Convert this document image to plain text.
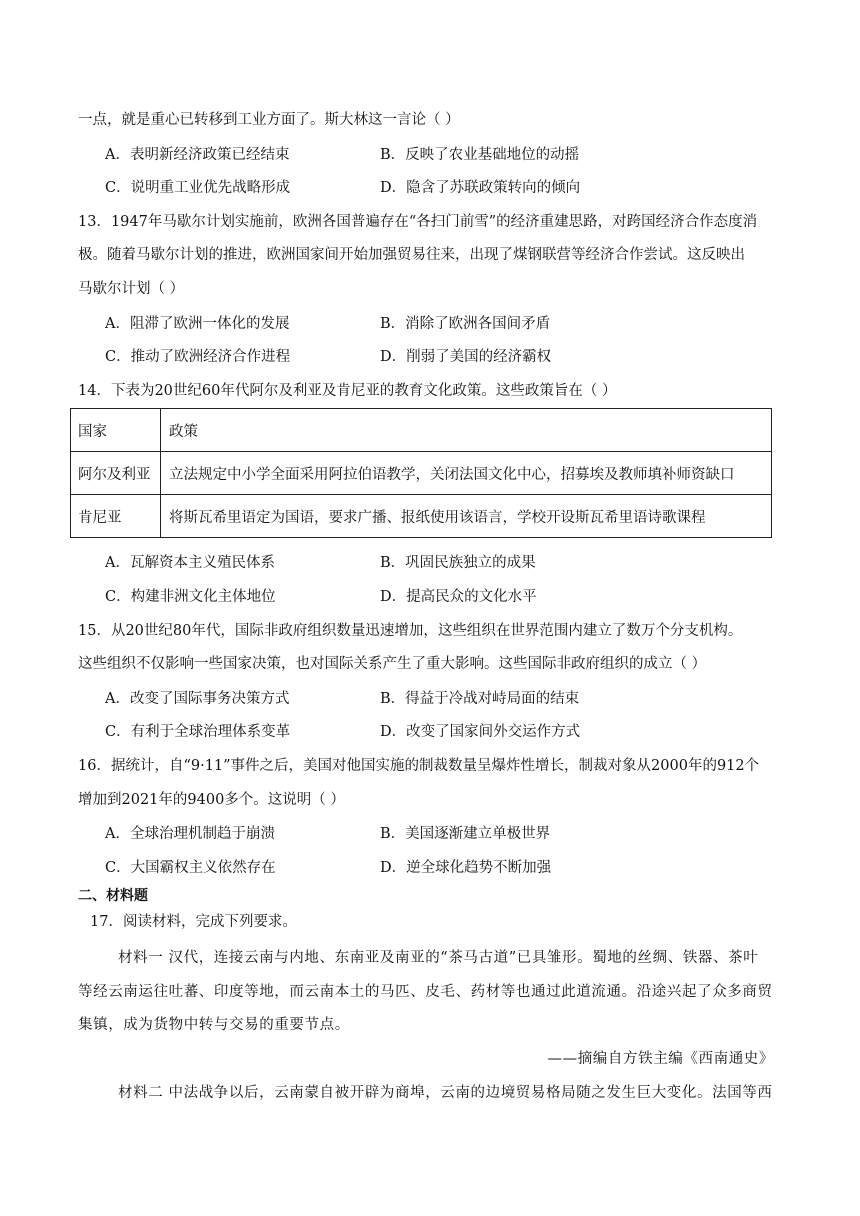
一点，就是重心已转移到工业方面了。斯大林这一言论（ ）
A．表明新经济政策已经结束	B．反映了农业基础地位的动摇
C．说明重工业优先战略形成	D．隐含了苏联政策转向的倾向
13．1947年马歇尔计划实施前，欧洲各国普遍存在“各扫门前雪”的经济重建思路，对跨国经济合作态度消
极。随着马歇尔计划的推进，欧洲国家间开始加强贸易往来，出现了煤钢联营等经济合作尝试。这反映出
马歇尔计划（ ）
A．阻滞了欧洲一体化的发展	B．消除了欧洲各国间矛盾
C．推动了欧洲经济合作进程	D．削弱了美国的经济霸权
14．下表为20世纪60年代阿尔及利亚及肯尼亚的教育文化政策。这些政策旨在（ ）
国家	政策
阿尔及利亚	立法规定中小学全面采用阿拉伯语教学，关闭法国文化中心，招募埃及教师填补师资缺口
肯尼亚	将斯瓦希里语定为国语，要求广播、报纸使用该语言，学校开设斯瓦希里语诗歌课程
A．瓦解资本主义殖民体系	B．巩固民族独立的成果
C．构建非洲文化主体地位	D．提高民众的文化水平
15．从20世纪80年代，国际非政府组织数量迅速增加，这些组织在世界范围内建立了数万个分支机构。
这些组织不仅影响一些国家决策，也对国际关系产生了重大影响。这些国际非政府组织的成立（ ）
A．改变了国际事务决策方式	B．得益于冷战对峙局面的结束
C．有利于全球治理体系变革	D．改变了国家间外交运作方式
16．据统计，自“9·11”事件之后，美国对他国实施的制裁数量呈爆炸性增长，制裁对象从2000年的912个
增加到2021年的9400多个。这说明（ ）
A．全球治理机制趋于崩溃	B．美国逐渐建立单极世界
C．大国霸权主义依然存在	D．逆全球化趋势不断加强
二、材料题
17．阅读材料，完成下列要求。
材料一 汉代，连接云南与内地、东南亚及南亚的“茶马古道”已具雏形。蜀地的丝绸、铁器、茶叶
等经云南运往吐蕃、印度等地，而云南本土的马匹、皮毛、药材等也通过此道流通。沿途兴起了众多商贸
集镇，成为货物中转与交易的重要节点。
——摘编自方铁主编《西南通史》
材料二 中法战争以后，云南蒙自被开辟为商埠，云南的边境贸易格局随之发生巨大变化。法国等西
